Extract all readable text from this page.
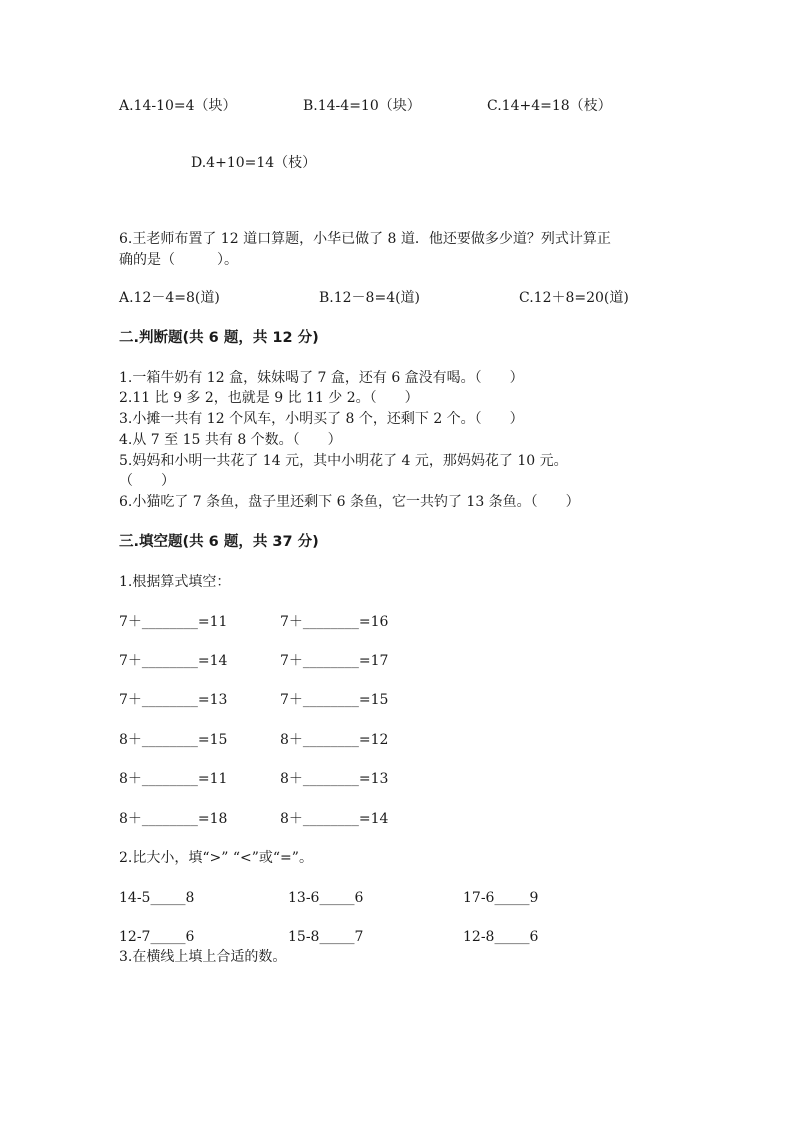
A.14-10=4（块）	B.14-4=10（块）	C.14+4=18（枝）
D.4+10=14（枝）
6.王老师布置了 12 道口算题，小华已做了 8 道．他还要做多少道？列式计算正
确的是（　　　）。
A.12－4=8(道)	B.12－8=4(道)	C.12＋8=20(道)
二.判断题(共 6 题，共 12 分)
1.一箱牛奶有 12 盒，妹妹喝了 7 盒，还有 6 盒没有喝。（　　）
2.11 比 9 多 2，也就是 9 比 11 少 2。（　　）
3.小摊一共有 12 个风车，小明买了 8 个，还剩下 2 个。（　　）
4.从 7 至 15 共有 8 个数。（　　）
5.妈妈和小明一共花了 14 元，其中小明花了 4 元，那妈妈花了 10 元。
（　　）
6.小猫吃了 7 条鱼，盘子里还剩下 6 条鱼，它一共钓了 13 条鱼。（　　）
三.填空题(共 6 题，共 37 分)
1.根据算式填空：
7＋________=11	7＋________=16
7＋________=14	7＋________=17
7＋________=13	7＋________=15
8＋________=15	8＋________=12
8＋________=11	8＋________=13
8＋________=18	8＋________=14
2.比大小，填“>” “<”或“=”。
14-5_____8	13-6_____6	17-6_____9
12-7_____6	15-8_____7	12-8_____6
3.在横线上填上合适的数。
